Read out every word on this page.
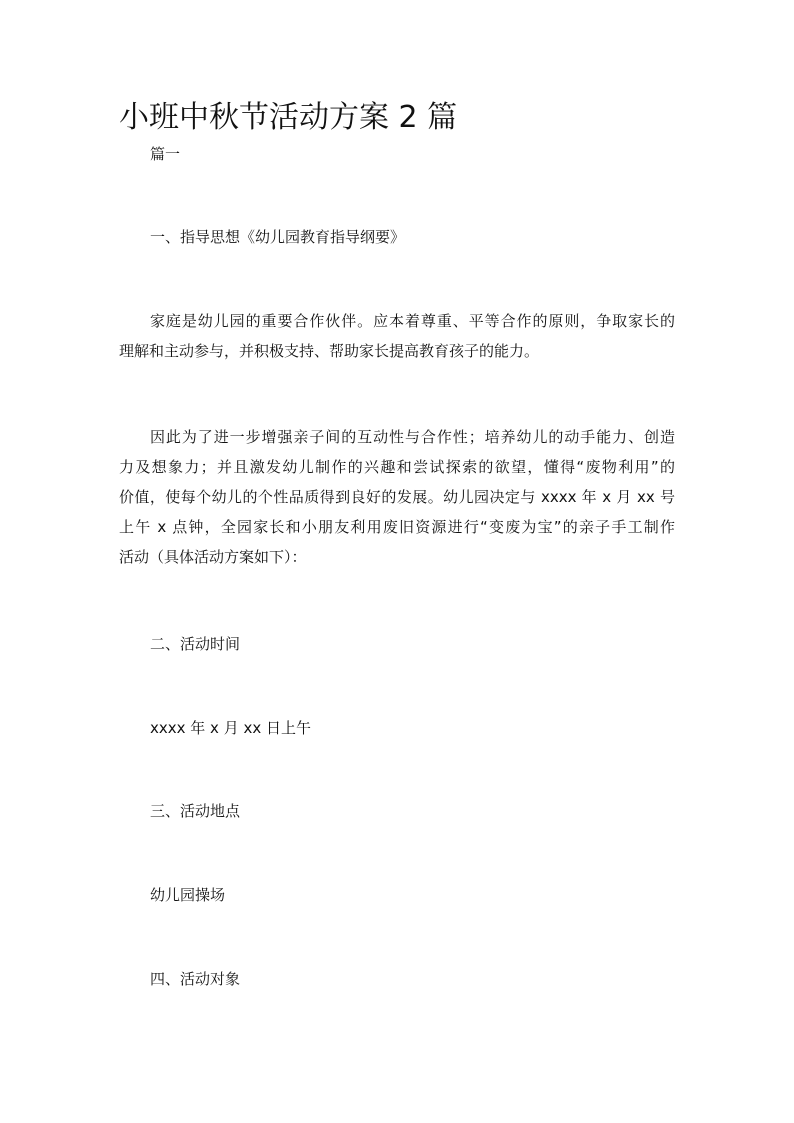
小班中秋节活动方案 2 篇
篇一
一、指导思想《幼儿园教育指导纲要》
家庭是幼儿园的重要合作伙伴。应本着尊重、平等合作的原则，争取家长的
理解和主动参与，并积极支持、帮助家长提高教育孩子的能力。
因此为了进一步增强亲子间的互动性与合作性；培养幼儿的动手能力、创造
力及想象力；并且激发幼儿制作的兴趣和尝试探索的欲望，懂得“废物利用”的
价值，使每个幼儿的个性品质得到良好的发展。幼儿园决定与 xxxx 年 x 月 xx 号
上午 x 点钟，全园家长和小朋友利用废旧资源进行“变废为宝”的亲子手工制作
活动（具体活动方案如下）：
二、活动时间
xxxx 年 x 月 xx 日上午
三、活动地点
幼儿园操场
四、活动对象
